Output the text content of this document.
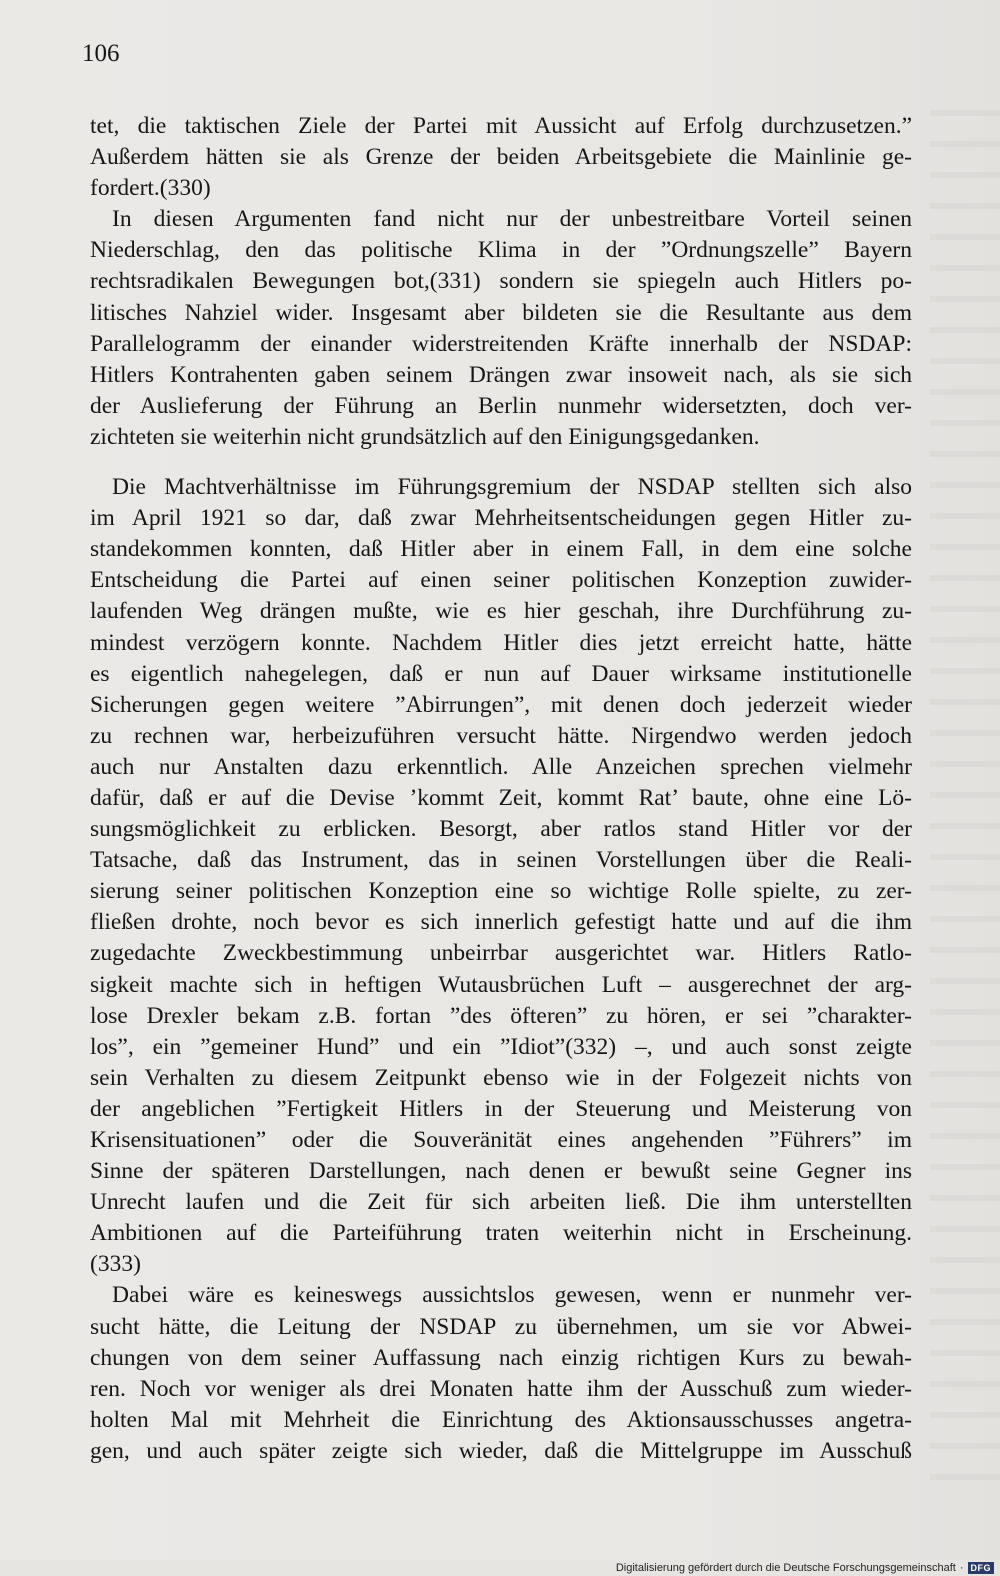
106
tet, die taktischen Ziele der Partei mit Aussicht auf Erfolg durchzusetzen.”
Außerdem hätten sie als Grenze der beiden Arbeitsgebiete die Mainlinie ge-
fordert.(330)
In diesen Argumenten fand nicht nur der unbestreitbare Vorteil seinen
Niederschlag, den das politische Klima in der ”Ordnungszelle” Bayern
rechtsradikalen Bewegungen bot,(331) sondern sie spiegeln auch Hitlers po-
litisches Nahziel wider. Insgesamt aber bildeten sie die Resultante aus dem
Parallelogramm der einander widerstreitenden Kräfte innerhalb der NSDAP:
Hitlers Kontrahenten gaben seinem Drängen zwar insoweit nach, als sie sich
der Auslieferung der Führung an Berlin nunmehr widersetzten, doch ver-
zichteten sie weiterhin nicht grundsätzlich auf den Einigungsgedanken.
Die Machtverhältnisse im Führungsgremium der NSDAP stellten sich also
im April 1921 so dar, daß zwar Mehrheitsentscheidungen gegen Hitler zu-
standekommen konnten, daß Hitler aber in einem Fall, in dem eine solche
Entscheidung die Partei auf einen seiner politischen Konzeption zuwider-
laufenden Weg drängen mußte, wie es hier geschah, ihre Durchführung zu-
mindest verzögern konnte. Nachdem Hitler dies jetzt erreicht hatte, hätte
es eigentlich nahegelegen, daß er nun auf Dauer wirksame institutionelle
Sicherungen gegen weitere ”Abirrungen”, mit denen doch jederzeit wieder
zu rechnen war, herbeizuführen versucht hätte. Nirgendwo werden jedoch
auch nur Anstalten dazu erkenntlich. Alle Anzeichen sprechen vielmehr
dafür, daß er auf die Devise ’kommt Zeit, kommt Rat’ baute, ohne eine Lö-
sungsmöglichkeit zu erblicken. Besorgt, aber ratlos stand Hitler vor der
Tatsache, daß das Instrument, das in seinen Vorstellungen über die Reali-
sierung seiner politischen Konzeption eine so wichtige Rolle spielte, zu zer-
fließen drohte, noch bevor es sich innerlich gefestigt hatte und auf die ihm
zugedachte Zweckbestimmung unbeirrbar ausgerichtet war. Hitlers Ratlo-
sigkeit machte sich in heftigen Wutausbrüchen Luft – ausgerechnet der arg-
lose Drexler bekam z.B. fortan ”des öfteren” zu hören, er sei ”charakter-
los”, ein ”gemeiner Hund” und ein ”Idiot”(332) –, und auch sonst zeigte
sein Verhalten zu diesem Zeitpunkt ebenso wie in der Folgezeit nichts von
der angeblichen ”Fertigkeit Hitlers in der Steuerung und Meisterung von
Krisensituationen” oder die Souveränität eines angehenden ”Führers” im
Sinne der späteren Darstellungen, nach denen er bewußt seine Gegner ins
Unrecht laufen und die Zeit für sich arbeiten ließ. Die ihm unterstellten
Ambitionen auf die Parteiführung traten weiterhin nicht in Erscheinung.
(333)
Dabei wäre es keineswegs aussichtslos gewesen, wenn er nunmehr ver-
sucht hätte, die Leitung der NSDAP zu übernehmen, um sie vor Abwei-
chungen von dem seiner Auffassung nach einzig richtigen Kurs zu bewah-
ren. Noch vor weniger als drei Monaten hatte ihm der Ausschuß zum wieder-
holten Mal mit Mehrheit die Einrichtung des Aktionsausschusses angetra-
gen, und auch später zeigte sich wieder, daß die Mittelgruppe im Ausschuß
Digitalisierung gefördert durch die Deutsche Forschungsgemeinschaft · DFG
